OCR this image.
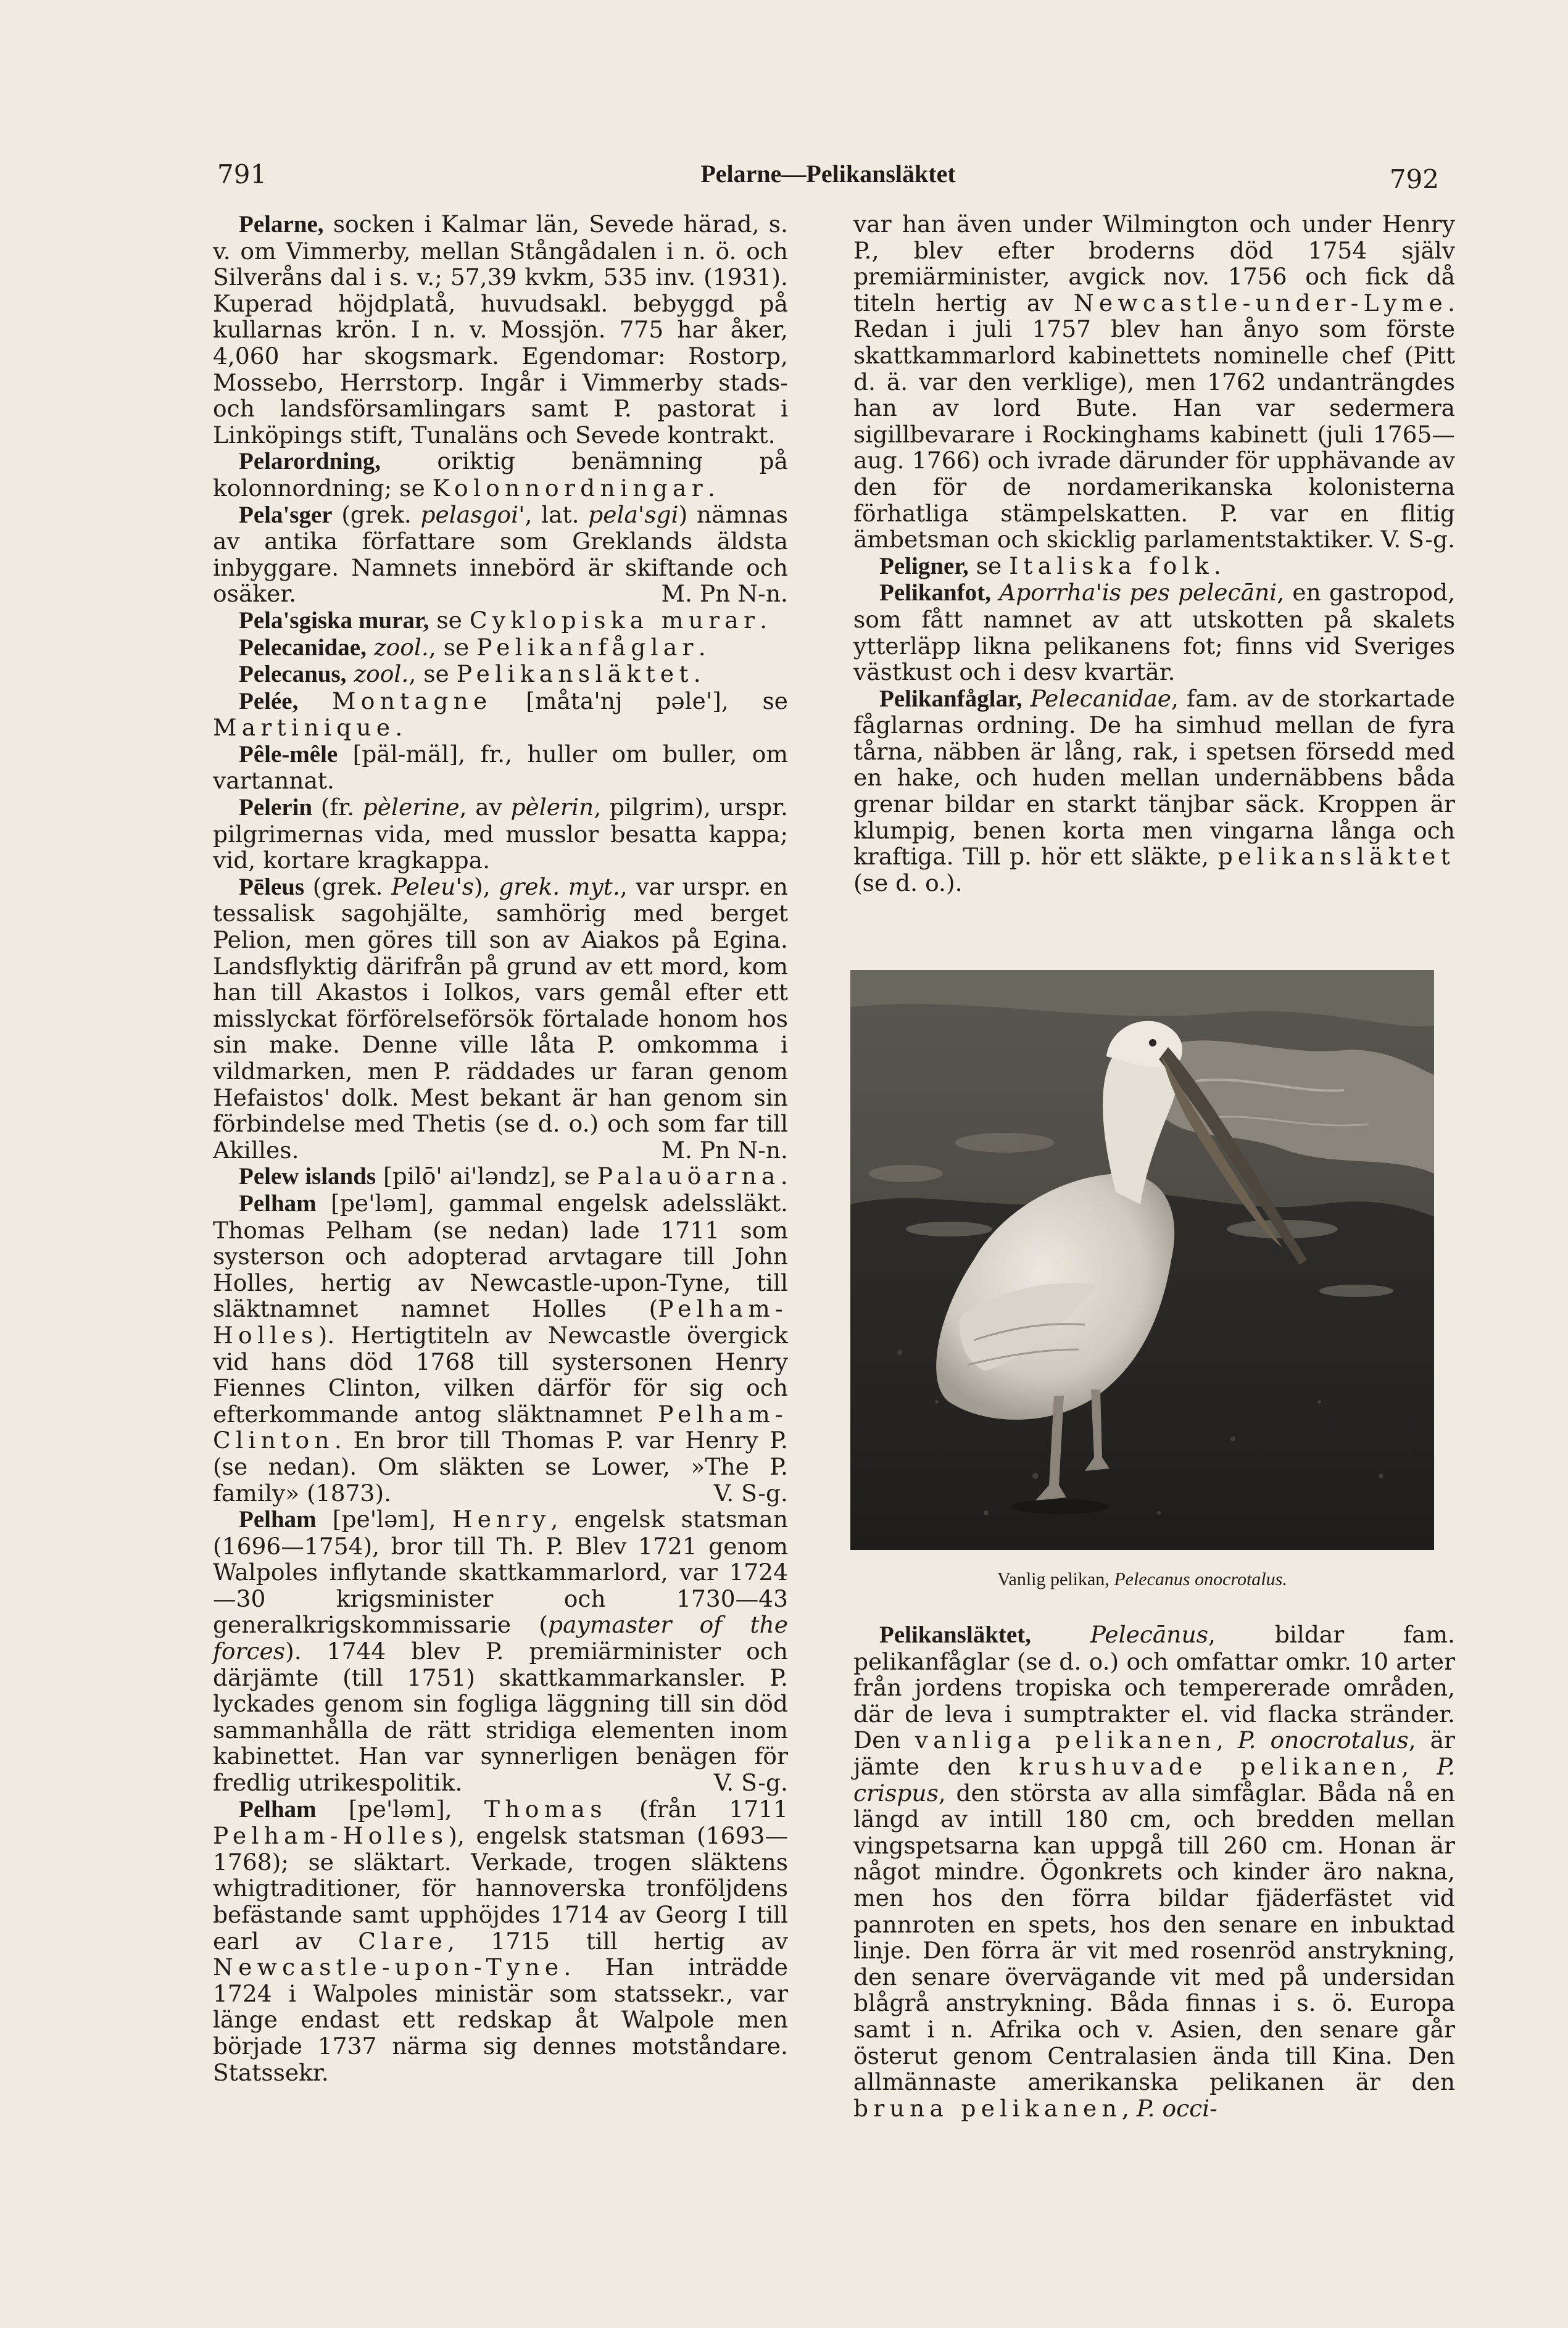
791	Pelarne—Pelikansläktet	792

Pelarne, socken i Kalmar län, Sevede härad, s. v. om Vimmerby, mellan Stångådalen i n. ö. och Silveråns dal i s. v.; 57,39 kvkm, 535 inv. (1931). Kuperad höjdplatå, huvudsakl. bebyggd på kullarnas krön. I n. v. Mossjön. 775 har åker, 4,060 har skogsmark. Egendomar: Rostorp, Mossebo, Herrstorp. Ingår i Vimmerby stads- och landsförsamlingars samt P. pastorat i Linköpings stift, Tunaläns och Sevede kontrakt.

Pelarordning, oriktig benämning på kolonnordning; se Kolonnordningar.

Pela'sger (grek. pelasgoi', lat. pela'sgi) nämnas av antika författare som Greklands äldsta inbyggare. Namnets innebörd är skiftande och osäker.	M. Pn N-n.

Pela'sgiska murar, se Cyklopiska murar.

Pelecanidae, zool., se Pelikanfåglar.

Pelecanus, zool., se Pelikansläktet.

Pelée, Montagne [måta'nj pəle'], se Martinique.

Pêle-mêle [päl-mäl], fr., huller om buller, om vartannat.

Pelerin (fr. pèlerine, av pèlerin, pilgrim), urspr. pilgrimernas vida, med musslor besatta kappa; vid, kortare kragkappa.

Pēleus (grek. Peleu's), grek. myt., var urspr. en tessalisk sagohjälte, samhörig med berget Pelion, men göres till son av Aiakos på Egina. Landsflyktig därifrån på grund av ett mord, kom han till Akastos i Iolkos, vars gemål efter ett misslyckat förförelseförsök förtalade honom hos sin make. Denne ville låta P. omkomma i vildmarken, men P. räddades ur faran genom Hefaistos' dolk. Mest bekant är han genom sin förbindelse med Thetis (se d. o.) och som far till Akilles.	M. Pn N-n.

Pelew islands [pilō' ai'ləndz], se Palauöarna.

Pelham [pe'ləm], gammal engelsk adelssläkt. Thomas Pelham (se nedan) lade 1711 som systerson och adopterad arvtagare till John Holles, hertig av Newcastle-upon-Tyne, till släktnamnet namnet Holles (Pelham-Holles). Hertigtiteln av Newcastle övergick vid hans död 1768 till systersonen Henry Fiennes Clinton, vilken därför för sig och efterkommande antog släktnamnet Pelham-Clinton. En bror till Thomas P. var Henry P. (se nedan). Om släkten se Lower, »The P. family» (1873).	V. S-g.

Pelham [pe'ləm], Henry, engelsk statsman (1696—1754), bror till Th. P. Blev 1721 genom Walpoles inflytande skattkammarlord, var 1724—30 krigsminister och 1730—43 generalkrigskommissarie (paymaster of the forces). 1744 blev P. premiärminister och därjämte (till 1751) skattkammarkansler. P. lyckades genom sin fogliga läggning till sin död sammanhålla de rätt stridiga elementen inom kabinettet. Han var synnerligen benägen för fredlig utrikespolitik.	V. S-g.

Pelham [pe'ləm], Thomas (från 1711 Pelham-Holles), engelsk statsman (1693—1768); se släktart. Verkade, trogen släktens whigtraditioner, för hannoverska tronföljdens befästande samt upphöjdes 1714 av Georg I till earl av Clare, 1715 till hertig av Newcastle-upon-Tyne. Han inträdde 1724 i Walpoles ministär som statssekr., var länge endast ett redskap åt Walpole men började 1737 närma sig dennes motståndare. Statssekr.

var han även under Wilmington och under Henry P., blev efter broderns död 1754 själv premiärminister, avgick nov. 1756 och fick då titeln hertig av Newcastle-under-Lyme. Redan i juli 1757 blev han ånyo som förste skattkammarlord kabinettets nominelle chef (Pitt d. ä. var den verklige), men 1762 undanträngdes han av lord Bute. Han var sedermera sigillbevarare i Rockinghams kabinett (juli 1765—aug. 1766) och ivrade därunder för upphävande av den för de nordamerikanska kolonisterna förhatliga stämpelskatten. P. var en flitig ämbetsman och skicklig parlamentstaktiker. V. S-g.

Peligner, se Italiska folk.

Pelikanfot, Aporrha'is pes pelecāni, en gastropod, som fått namnet av att utskotten på skalets ytterläpp likna pelikanens fot; finns vid Sveriges västkust och i desv kvartär.

Pelikanfåglar, Pelecanidae, fam. av de storkartade fåglarnas ordning. De ha simhud mellan de fyra tårna, näbben är lång, rak, i spetsen försedd med en hake, och huden mellan undernäbbens båda grenar bildar en starkt tänjbar säck. Kroppen är klumpig, benen korta men vingarna långa och kraftiga. Till p. hör ett släkte, pelikansläktet (se d. o.).

Vanlig pelikan, Pelecanus onocrotalus.

Pelikansläktet,	Pelecānus, bildar fam. pelikanfåglar (se d. o.) och omfattar omkr. 10 arter från jordens tropiska och tempererade områden, där de leva i sumptrakter el. vid flacka stränder. Den vanliga pelikanen, P. onocrotalus, är jämte den krushuvade pelikanen, P. crispus, den största av alla simfåglar. Båda nå en längd av intill 180 cm, och bredden mellan vingspetsarna kan uppgå till 260 cm. Honan är något mindre. Ögonkrets och kinder äro nakna, men hos den förra bildar fjäderfästet vid pannroten en spets, hos den senare en inbuktad linje. Den förra är vit med rosenröd anstrykning, den senare övervägande vit med på undersidan blågrå anstrykning. Båda finnas i s. ö. Europa samt i n. Afrika och v. Asien, den senare går österut genom Centralasien ända till Kina. Den allmännaste amerikanska pelikanen är den bruna pelikanen, P. occi-
